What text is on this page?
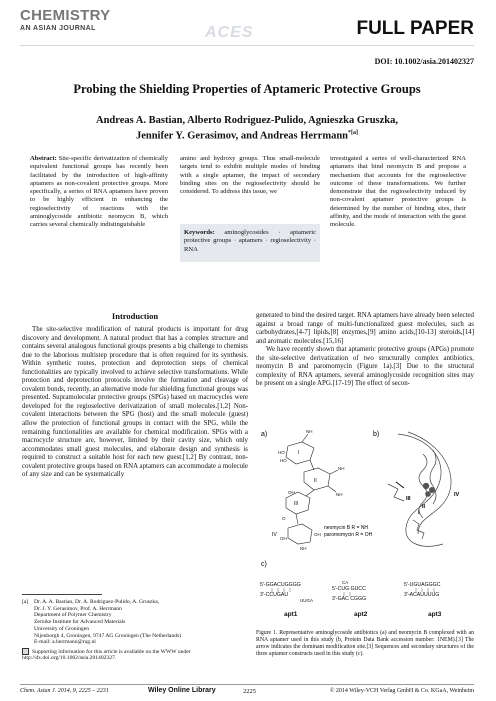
CHEMISTRY
AN ASIAN JOURNAL	ACES	FULL PAPER
DOI: 10.1002/asia.201402327
Probing the Shielding Properties of Aptameric Protective Groups
Andreas A. Bastian, Alberto Rodriguez-Pulido, Agnieszka Gruszka,
Jennifer Y. Gerasimov, and Andreas Herrmann$^{*[a]}$
Abstract: Site-specific derivatization of chemically equivalent functional groups has recently been facilitated by the introduction of high-affinity aptamers as non-covalent protective groups. More specifically, a series of RNA aptamers have proven to be highly efficient in enhancing the regioselectivity of reactions with the aminoglycoside antibiotic neomycin B, which carries several chemically indistinguishable
amino and hydroxy groups. Thus small-molecule targets tend to exhibit multiple modes of binding with a single aptamer, the impact of secondary binding sites on the regioselectivity should be considered. To address this issue, we
Keywords: aminoglycosides · aptameric protective groups · aptamers · regioselectivity · RNA
investigated a series of well-characterized RNA aptamers that bind neomycin B and propose a mechanism that accounts for the regioselective outcome of these transformations. We further demonstrate that the regioselectivity induced by non-covalent aptamer protective groups is determined by the number of binding sites, their affinity, and the mode of interaction with the guest molecule.
Introduction

The site-selective modification of natural products is important for drug discovery and development. A natural product that has a complex structure and contains several analogous functional groups presents a big challenge to chemists due to the laborious multistep procedure that is often required for its synthesis. Within synthetic routes, protection and deprotection steps of chemical functionalities are typically involved to achieve selective transformations. While protection and deprotection protocols involve the formation and cleavage of covalent bonds, recently, an alternative mode for shielding functional groups was presented. Supramolecular protective groups (SPGs) based on macrocycles were developed for the regioselective derivatization of small molecules.[1,2] Non-covalent interactions between the SPG (host) and the small molecule (guest) allow the protection of functional groups in contact with the SPG, while the remaining functionalities are available for chemical modification. SPGs with a macrocycle structure are, however, limited by their cavity size, which only accommodates small guest molecules, and elaborate design and synthesis is required to construct a suitable host for each new guest.[1,2] By contrast, non-covalent protective groups based on RNA aptamers can accommodate a molecule of any size and can be systematically

generated to bind the desired target. RNA aptamers have already been selected against a broad range of multi-functionalized guest molecules, such as carbohydrates,[4-7] lipids,[8] enzymes,[9] amino acids,[10-13] steroids,[14] and aromatic molecules.[15,16]

We have recently shown that aptameric protective groups (APGs) promote the site-selective derivatization of two structurally complex antibiotics, neomycin B and paromomycin (Figure 1a).[3] Due to the structural complexity of RNA aptamers, several aminoglycoside recognition sites may be present on a single APG.[17-19] The effect of secon-

[a] Dr. A. A. Bastian, Dr. A. Rodriguez-Pulido, A. Gruszka,
Dr. J. Y. Gerasimov, Prof. A. Herrmann
Department of Polymer Chemistry
Zernike Institute for Advanced Materials
University of Groningen
Nijenborgh 4, Groningen, 9747 AG Groningen (The Netherlands)
E-mail: a.herrmann@rug.nl
Supporting information for this article is available on the WWW under http://dx.doi.org/10.1002/asia.201402327.
a)
HO
HO
NH
NH
NH
OH
O
OH
OH
NH
I
II
III
IV
neomycin B R = NH
paromomycin R = OH
b)
III
IV
II
I
c)
5'-GGACUGGGG
3'-CCUGAU
UUGA
apt1
CA
5'-CUG GUCC
3'-GAC CGGG
apt2
5'-UGUAGGGC
3'-ACAUUUUG
apt3
Figure 1. Representative aminoglycoside antibiotics (a) and neomycin B complexed with an RNA aptamer used in this study (b, Protein Data Bank accession number: 1NEM).[3] The arrow indicates the dominant modification site.[3] Sequences and secondary structures of the three aptamer constructs used in this study (c).
Chem. Asian J. 2014, 9, 2225 – 2231	Wiley Online Library	2225	© 2014 Wiley-VCH Verlag GmbH & Co. KGaA, Weinheim
